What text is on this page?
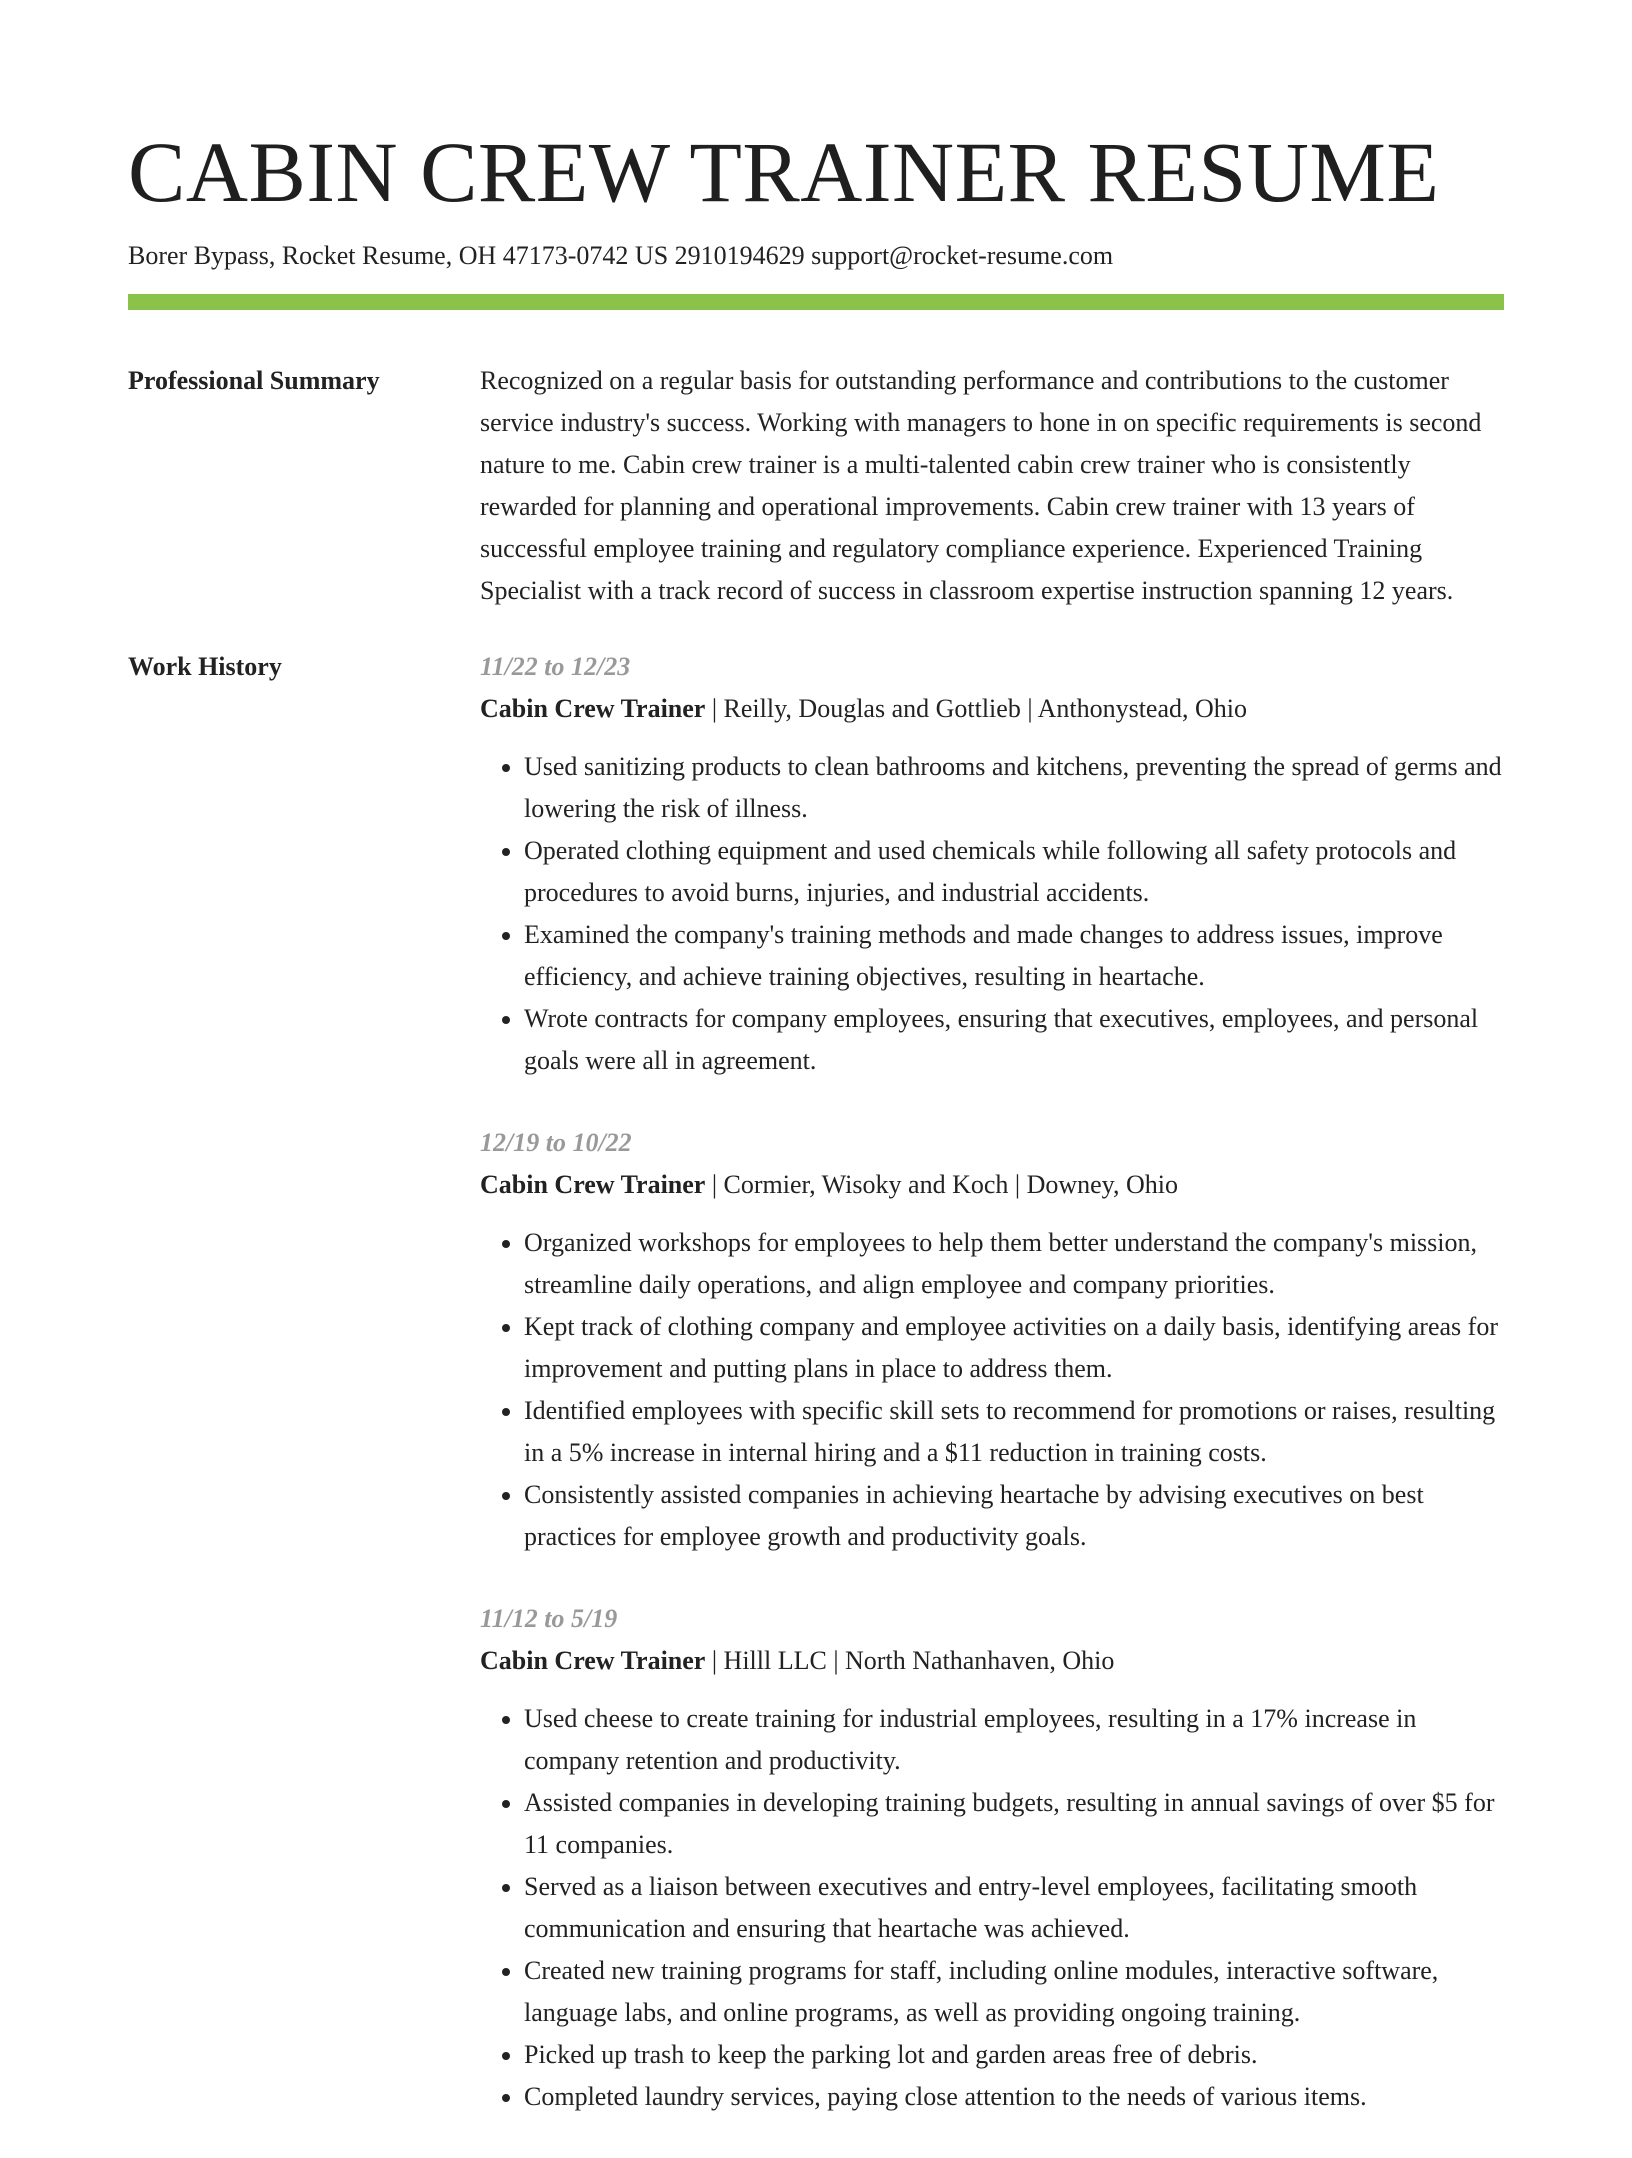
CABIN CREW TRAINER RESUME
Borer Bypass, Rocket Resume, OH 47173-0742 US 2910194629 support@rocket-resume.com
Professional Summary	Recognized on a regular basis for outstanding performance and contributions to the customer service industry's success. Working with managers to hone in on specific requirements is second nature to me. Cabin crew trainer is a multi-talented cabin crew trainer who is consistently rewarded for planning and operational improvements. Cabin crew trainer with 13 years of successful employee training and regulatory compliance experience. Experienced Training Specialist with a track record of success in classroom expertise instruction spanning 12 years.

Work History	11/22 to 12/23
Cabin Crew Trainer | Reilly, Douglas and Gottlieb | Anthonystead, Ohio
• Used sanitizing products to clean bathrooms and kitchens, preventing the spread of germs and lowering the risk of illness.
• Operated clothing equipment and used chemicals while following all safety protocols and procedures to avoid burns, injuries, and industrial accidents.
• Examined the company's training methods and made changes to address issues, improve efficiency, and achieve training objectives, resulting in heartache.
• Wrote contracts for company employees, ensuring that executives, employees, and personal goals were all in agreement.
12/19 to 10/22
Cabin Crew Trainer | Cormier, Wisoky and Koch | Downey, Ohio
• Organized workshops for employees to help them better understand the company's mission, streamline daily operations, and align employee and company priorities.
• Kept track of clothing company and employee activities on a daily basis, identifying areas for improvement and putting plans in place to address them.
• Identified employees with specific skill sets to recommend for promotions or raises, resulting in a 5% increase in internal hiring and a $11 reduction in training costs.
• Consistently assisted companies in achieving heartache by advising executives on best practices for employee growth and productivity goals.
11/12 to 5/19
Cabin Crew Trainer | Hilll LLC | North Nathanhaven, Ohio
• Used cheese to create training for industrial employees, resulting in a 17% increase in company retention and productivity.
• Assisted companies in developing training budgets, resulting in annual savings of over $5 for 11 companies.
• Served as a liaison between executives and entry-level employees, facilitating smooth communication and ensuring that heartache was achieved.
• Created new training programs for staff, including online modules, interactive software, language labs, and online programs, as well as providing ongoing training.
• Picked up trash to keep the parking lot and garden areas free of debris.
• Completed laundry services, paying close attention to the needs of various items.
